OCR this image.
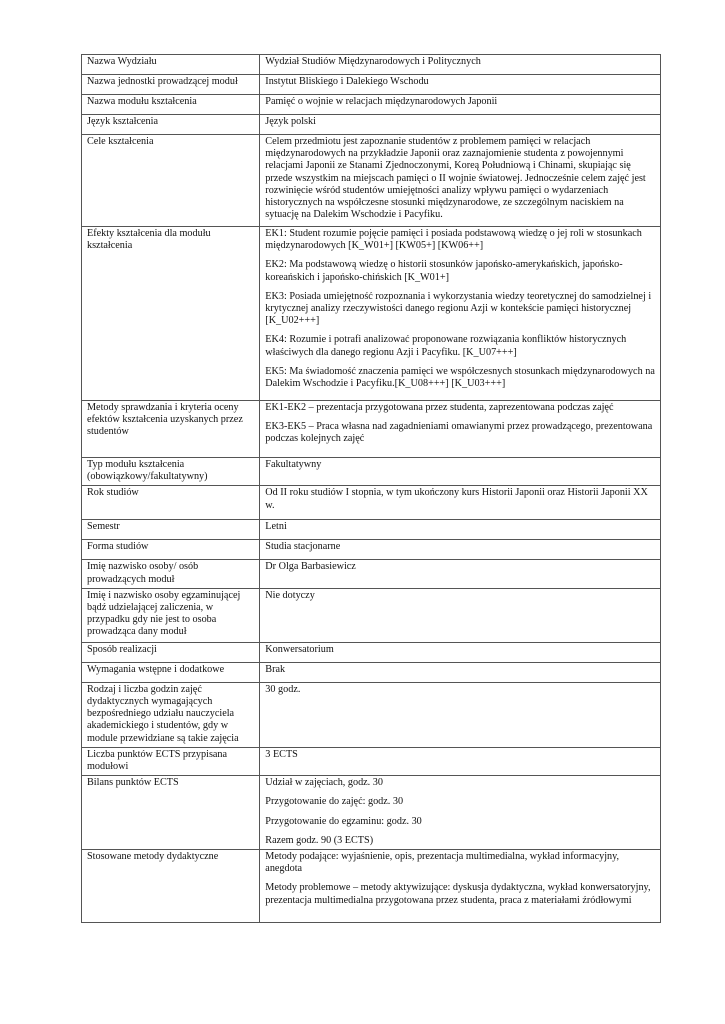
Nazwa Wydziału	Wydział Studiów Międzynarodowych i Politycznych

Nazwa jednostki prowadzącej moduł	Instytut Bliskiego i Dalekiego Wschodu

Nazwa modułu kształcenia	Pamięć o wojnie w relacjach międzynarodowych Japonii

Język kształcenia	Język polski

Cele kształcenia	Celem przedmiotu jest zapoznanie studentów z problemem pamięci w relacjach międzynarodowych na przykładzie Japonii oraz zaznajomienie studenta z powojennymi relacjami Japonii ze Stanami Zjednoczonymi, Koreą Południową i Chinami, skupiając się przede wszystkim na miejscach pamięci o II wojnie światowej. Jednocześnie celem zajęć jest rozwinięcie wśród studentów umiejętności analizy wpływu pamięci o wydarzeniach historycznych na współczesne stosunki międzynarodowe, ze szczególnym naciskiem na sytuację na Dalekim Wschodzie i Pacyfiku.

Efekty kształcenia dla modułu kształcenia	EK1: Student rozumie pojęcie pamięci i posiada podstawową wiedzę o jej roli w stosunkach międzynarodowych [K_W01+] [KW05+] [KW06++]
EK2: Ma podstawową wiedzę o historii stosunków japońsko-amerykańskich, japońsko-koreańskich i japońsko-chińskich [K_W01+]
EK3: Posiada umiejętność rozpoznania i wykorzystania wiedzy teoretycznej do samodzielnej i krytycznej analizy rzeczywistości danego regionu Azji w kontekście pamięci historycznej [K_U02+++]
EK4: Rozumie i potrafi analizować proponowane rozwiązania konfliktów historycznych właściwych dla danego regionu Azji i Pacyfiku. [K_U07+++]
EK5: Ma świadomość znaczenia pamięci we współczesnych stosunkach międzynarodowych na Dalekim Wschodzie i Pacyfiku.[K_U08+++] [K_U03+++]

Metody sprawdzania i kryteria oceny efektów kształcenia uzyskanych przez studentów	EK1-EK2 – prezentacja przygotowana przez studenta, zaprezentowana podczas zajęć
EK3-EK5 – Praca własna nad zagadnieniami omawianymi przez prowadzącego, prezentowana podczas kolejnych zajęć

Typ modułu kształcenia (obowiązkowy/fakultatywny)	Fakultatywny

Rok studiów	Od II roku studiów I stopnia, w tym ukończony kurs Historii Japonii oraz Historii Japonii XX w.

Semestr	Letni

Forma studiów	Studia stacjonarne

Imię nazwisko osoby/ osób prowadzących moduł	Dr Olga Barbasiewicz

Imię i nazwisko osoby egzaminującej bądź udzielającej zaliczenia, w przypadku gdy nie jest to osoba prowadząca dany moduł	Nie dotyczy

Sposób realizacji	Konwersatorium

Wymagania wstępne i dodatkowe	Brak

Rodzaj i liczba godzin zajęć dydaktycznych wymagających bezpośredniego udziału nauczyciela akademickiego i studentów, gdy w module przewidziane są takie zajęcia	30 godz.

Liczba punktów ECTS przypisana modułowi	3 ECTS

Bilans punktów ECTS	Udział w zajęciach, godz. 30
Przygotowanie do zajęć: godz. 30
Przygotowanie do egzaminu: godz. 30
Razem godz. 90 (3 ECTS)

Stosowane metody dydaktyczne	Metody podające: wyjaśnienie, opis, prezentacja multimedialna, wykład informacyjny, anegdota
Metody problemowe – metody aktywizujące: dyskusja dydaktyczna, wykład konwersatoryjny, prezentacja multimedialna przygotowana przez studenta, praca z materiałami źródłowymi
